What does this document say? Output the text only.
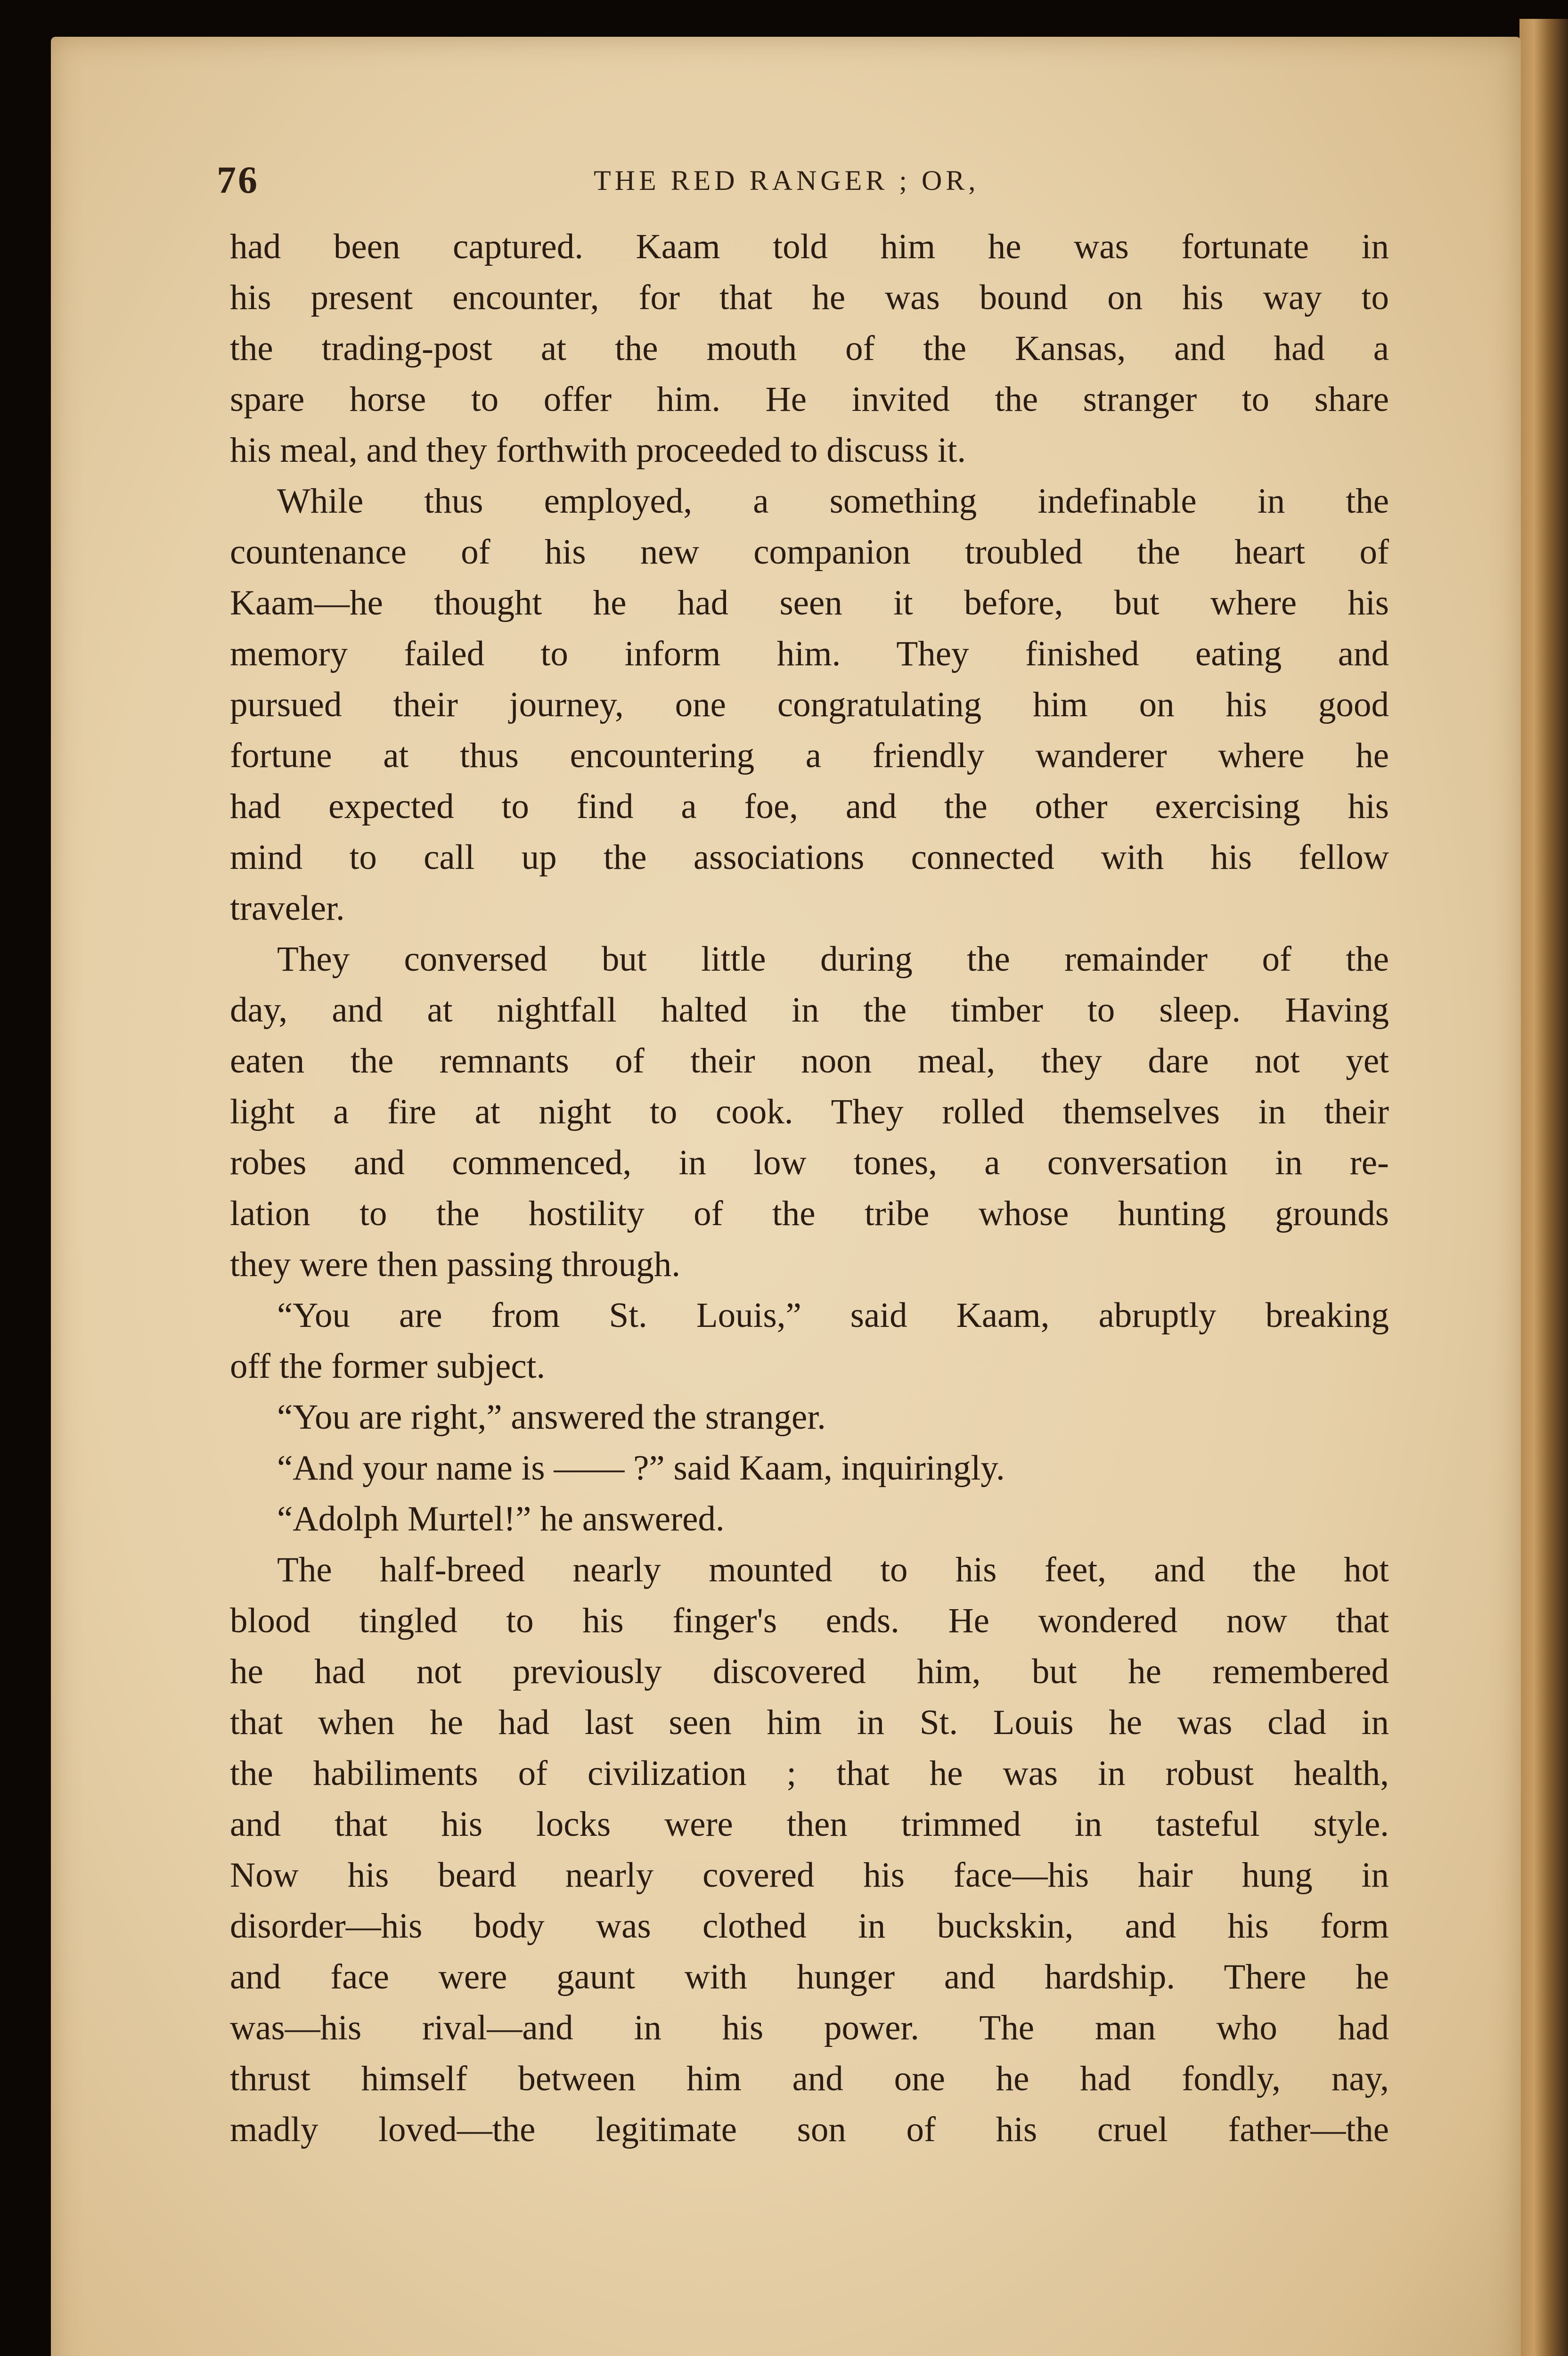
76	THE RED RANGER ; OR,
had been captured. Kaam told him he was fortunate in
his present encounter, for that he was bound on his way to
the trading-post at the mouth of the Kansas, and had a
spare horse to offer him. He invited the stranger to share
his meal, and they forthwith proceeded to discuss it.
While thus employed, a something indefinable in the
countenance of his new companion troubled the heart of
Kaam—he thought he had seen it before, but where his
memory failed to inform him. They finished eating and
pursued their journey, one congratulating him on his good
fortune at thus encountering a friendly wanderer where he
had expected to find a foe, and the other exercising his
mind to call up the associations connected with his fellow
traveler.
They conversed but little during the remainder of the
day, and at nightfall halted in the timber to sleep. Having
eaten the remnants of their noon meal, they dare not yet
light a fire at night to cook. They rolled themselves in their
robes and commenced, in low tones, a conversation in re-
lation to the hostility of the tribe whose hunting grounds
they were then passing through.
“You are from St. Louis,” said Kaam, abruptly breaking
off the former subject.
“You are right,” answered the stranger.
“And your name is —— ?” said Kaam, inquiringly.
“Adolph Murtel!” he answered.
The half-breed nearly mounted to his feet, and the hot
blood tingled to his finger's ends. He wondered now that
he had not previously discovered him, but he remembered
that when he had last seen him in St. Louis he was clad in
the habiliments of civilization ; that he was in robust health,
and that his locks were then trimmed in tasteful style.
Now his beard nearly covered his face—his hair hung in
disorder—his body was clothed in buckskin, and his form
and face were gaunt with hunger and hardship. There he
was—his rival—and in his power. The man who had
thrust himself between him and one he had fondly, nay,
madly loved—the legitimate son of his cruel father—the
